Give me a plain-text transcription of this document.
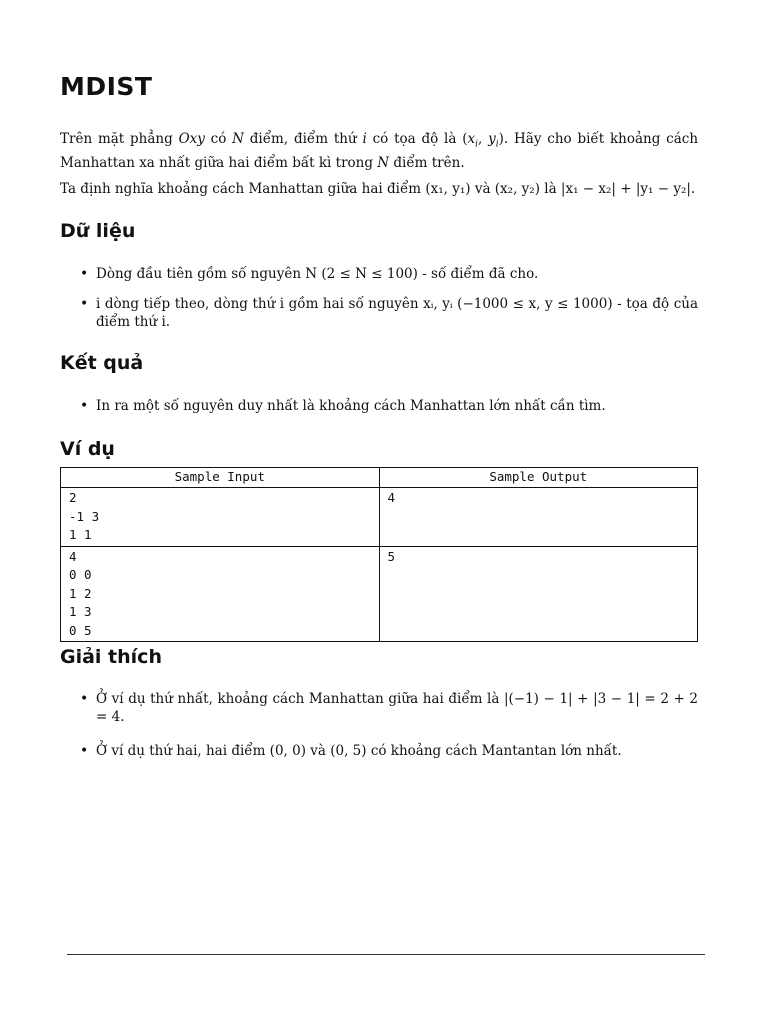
MDIST

Trên mặt phẳng Oxy có N điểm, điểm thứ i có tọa độ là ($x_i$, $y_i$). Hãy cho biết khoảng cách Manhattan xa nhất giữa hai điểm bất kì trong N điểm trên.

Ta định nghĩa khoảng cách Manhattan giữa hai điểm (x₁, y₁) và (x₂, y₂) là |x₁ − x₂| + |y₁ − y₂|.

Dữ liệu
• Dòng đầu tiên gồm số nguyên N (2 ≤ N ≤ 100) - số điểm đã cho.
• i dòng tiếp theo, dòng thứ i gồm hai số nguyên xᵢ, yᵢ (−1000 ≤ x, y ≤ 1000) - tọa độ của điểm thứ i.
Kết quả
• In ra một số nguyên duy nhất là khoảng cách Manhattan lớn nhất cần tìm.
Ví dụ
Sample Input	Sample Output
2
-1 3
1 1	4
4
0 0
1 2
1 3
0 5	5
Giải thích
• Ở ví dụ thứ nhất, khoảng cách Manhattan giữa hai điểm là |(−1) − 1| + |3 − 1| = 2 + 2 = 4.
• Ở ví dụ thứ hai, hai điểm (0, 0) và (0, 5) có khoảng cách Mantantan lớn nhất.
